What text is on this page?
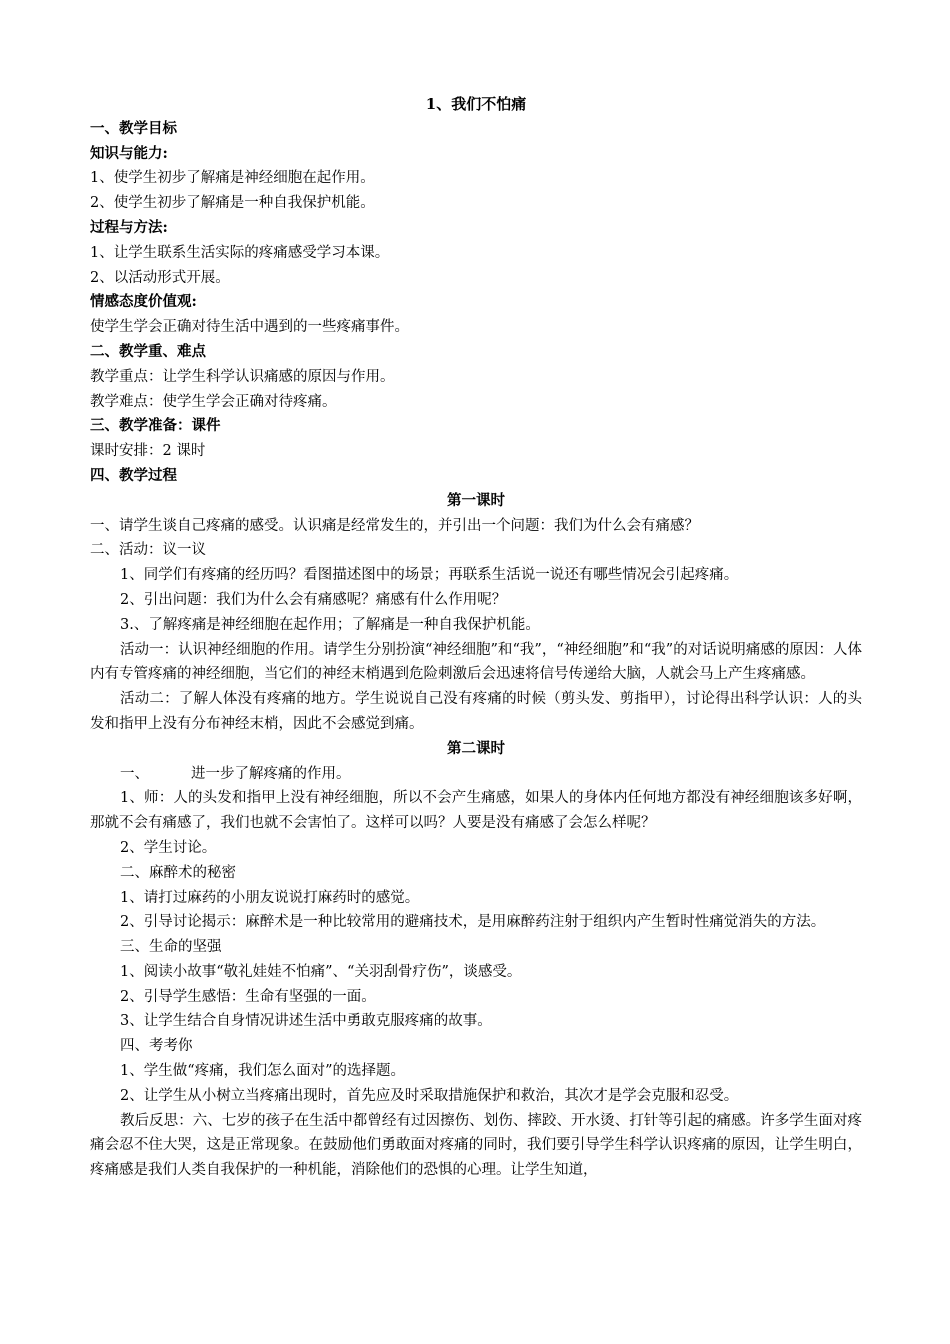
1、我们不怕痛
一、教学目标
知识与能力:
1、使学生初步了解痛是神经细胞在起作用。
2、使学生初步了解痛是一种自我保护机能。
过程与方法:
1、让学生联系生活实际的疼痛感受学习本课。
2、以活动形式开展。
情感态度价值观:
使学生学会正确对待生活中遇到的一些疼痛事件。
二、教学重、难点
教学重点：让学生科学认识痛感的原因与作用。
教学难点：使学生学会正确对待疼痛。
三、教学准备：课件
课时安排：2 课时
四、教学过程
第一课时
一、请学生谈自己疼痛的感受。认识痛是经常发生的，并引出一个问题：我们为什么会有痛感？
二、活动：议一议
1、同学们有疼痛的经历吗？看图描述图中的场景；再联系生活说一说还有哪些情况会引起疼痛。
2、引出问题：我们为什么会有痛感呢？痛感有什么作用呢？
3.、了解疼痛是神经细胞在起作用；了解痛是一种自我保护机能。
活动一：认识神经细胞的作用。请学生分别扮演“神经细胞”和“我”，“神经细胞”和“我”的对话说明痛感的原因：人体内有专管疼痛的神经细胞，当它们的神经末梢遇到危险刺激后会迅速将信号传递给大脑，人就会马上产生疼痛感。
活动二：了解人体没有疼痛的地方。学生说说自己没有疼痛的时候（剪头发、剪指甲），讨论得出科学认识：人的头发和指甲上没有分布神经末梢，因此不会感觉到痛。
第二课时
一、	进一步了解疼痛的作用。
1、师：人的头发和指甲上没有神经细胞，所以不会产生痛感，如果人的身体内任何地方都没有神经细胞该多好啊，那就不会有痛感了，我们也就不会害怕了。这样可以吗？人要是没有痛感了会怎么样呢？
2、学生讨论。
二、麻醉术的秘密
1、请打过麻药的小朋友说说打麻药时的感觉。
2、引导讨论揭示：麻醉术是一种比较常用的避痛技术，是用麻醉药注射于组织内产生暂时性痛觉消失的方法。
三、生命的坚强
1、阅读小故事“敬礼娃娃不怕痛”、“关羽刮骨疗伤”，谈感受。
2、引导学生感悟：生命有坚强的一面。
3、让学生结合自身情况讲述生活中勇敢克服疼痛的故事。
四、考考你
1、学生做“疼痛，我们怎么面对”的选择题。
2、让学生从小树立当疼痛出现时，首先应及时采取措施保护和救治，其次才是学会克服和忍受。
教后反思：六、七岁的孩子在生活中都曾经有过因擦伤、划伤、摔跤、开水烫、打针等引起的痛感。许多学生面对疼痛会忍不住大哭，这是正常现象。在鼓励他们勇敢面对疼痛的同时，我们要引导学生科学认识疼痛的原因，让学生明白，疼痛感是我们人类自我保护的一种机能，消除他们的恐惧的心理。让学生知道，
